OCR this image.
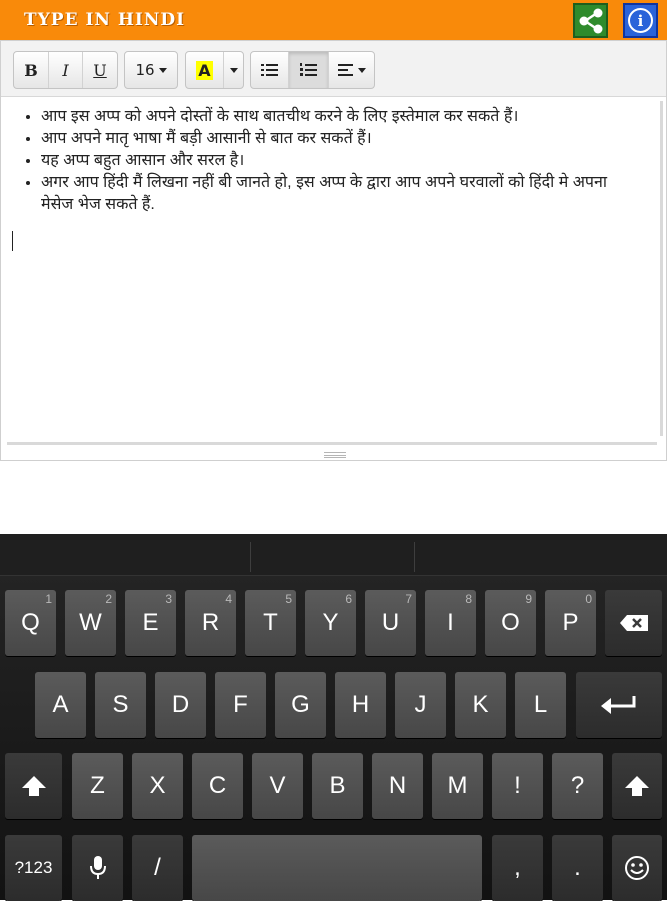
TYPE IN HINDI	i
B	I	U	16	A
• आप इस अप्प को अपने दोस्तों के साथ बातचीथ करने के लिए इस्तेमाल कर सकते हैं।
• आप अपने मातृ भाषा मैं बड़ी आसानी से बात कर सकतें हैं।
• यह अप्प बहुत आसान और सरल है।
• अगर आप हिंदी मैं लिखना नहीं बी जानते हो, इस अप्प के द्वारा आप अपने घरवालों को हिंदी मे अपना मेसेज भेज सकते हैं.
Q
1
W
2
E
3
R
4
T
5
Y
6
U
7
I
8
O
9
P
0
A	S	D	F	G	H	J	K	L
Z	X	C	V	B	N	M	!	?
?123	/	,	.
